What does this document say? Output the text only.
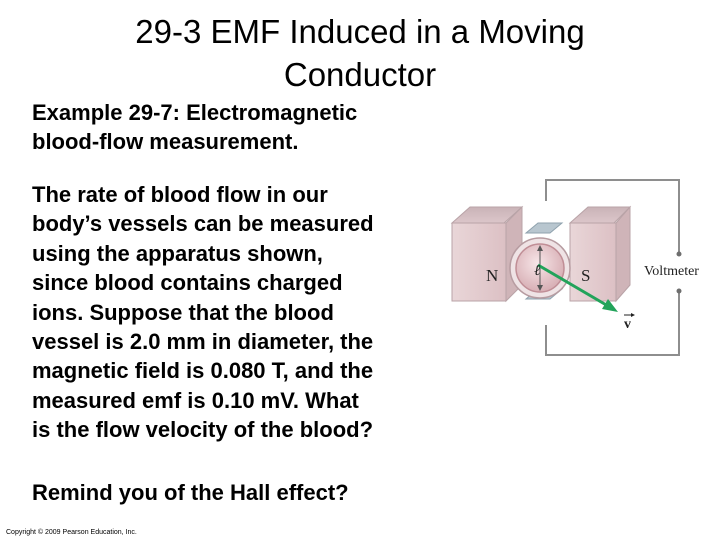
29-3 EMF Induced in a Moving
Conductor
Example 29-7: Electromagnetic
blood-flow measurement.
The rate of blood flow in our
body’s vessels can be measured
using the apparatus shown,
since blood contains charged
ions. Suppose that the blood
vessel is 2.0 mm in diameter, the
magnetic field is 0.080 T, and the
measured emf is 0.10 mV. What
is the flow velocity of the blood?
Remind you of the Hall effect?
Copyright © 2009 Pearson Education, Inc.
N	S
ℓ	Voltmeter
v
